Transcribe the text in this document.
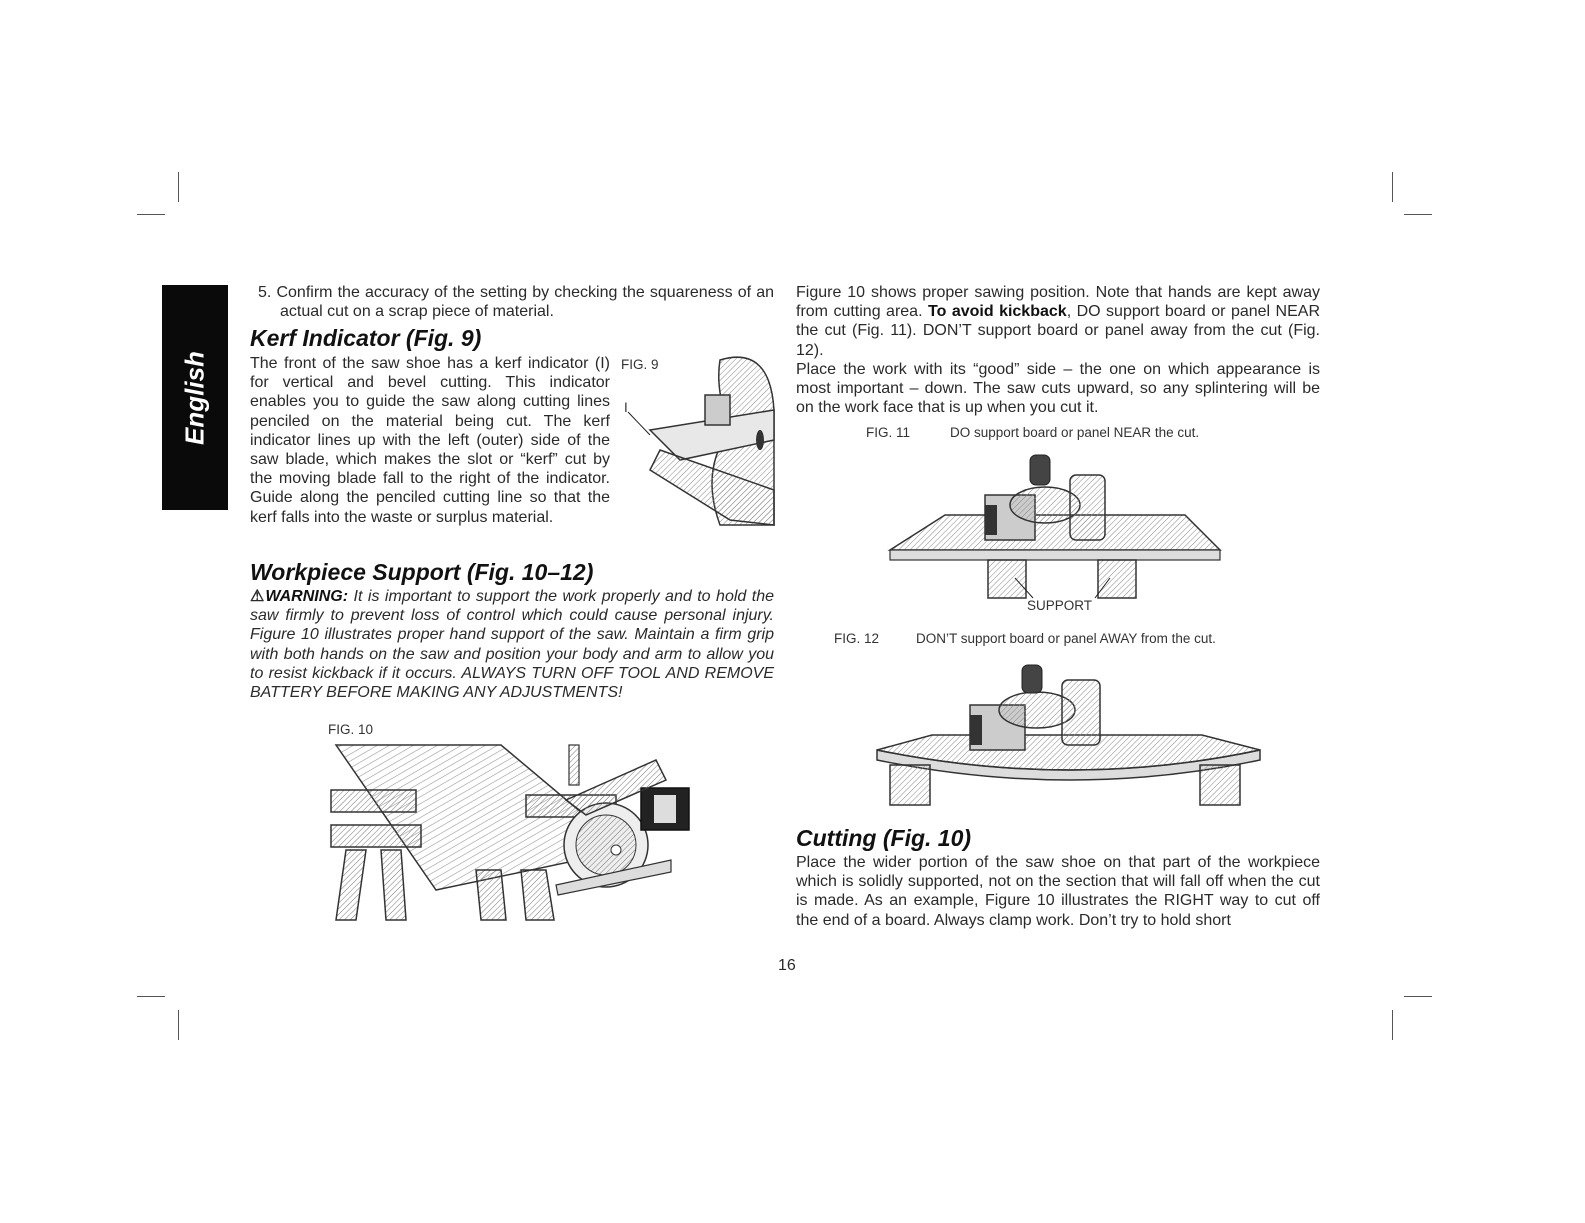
English

5. Confirm the accuracy of the setting by checking the squareness of an actual cut on a scrap piece of material.

Kerf Indicator (Fig. 9)

The front of the saw shoe has a kerf indicator (I) for vertical and bevel cutting. This indicator enables you to guide the saw along cutting lines penciled on the material being cut. The kerf indicator lines up with the left (outer) side of the saw blade, which makes the slot or “kerf” cut by the moving blade fall to the right of the indicator. Guide along the penciled cutting line so that the kerf falls into the waste or surplus material.

FIG. 9
I
Workpiece Support (Fig. 10–12)

⚠WARNING: It is important to support the work properly and to hold the saw firmly to prevent loss of control which could cause personal injury. Figure 10 illustrates proper hand support of the saw. Maintain a firm grip with both hands on the saw and position your body and arm to allow you to resist kickback if it occurs. ALWAYS TURN OFF TOOL AND REMOVE BATTERY BEFORE MAKING ANY ADJUSTMENTS!

FIG. 10

Figure 10 shows proper sawing position. Note that hands are kept away from cutting area. To avoid kickback, DO support board or panel NEAR the cut (Fig. 11). DON’T support board or panel away from the cut (Fig. 12).

Place the work with its “good” side – the one on which appearance is most important – down. The saw cuts upward, so any splintering will be on the work face that is up when you cut it.

FIG. 11	DO support board or panel NEAR the cut.
SUPPORT
FIG. 12	DON’T support board or panel AWAY from the cut.
Cutting (Fig. 10)

Place the wider portion of the saw shoe on that part of the workpiece which is solidly supported, not on the section that will fall off when the cut is made. As an example, Figure 10 illustrates the RIGHT way to cut off the end of a board. Always clamp work. Don’t try to hold short

16
